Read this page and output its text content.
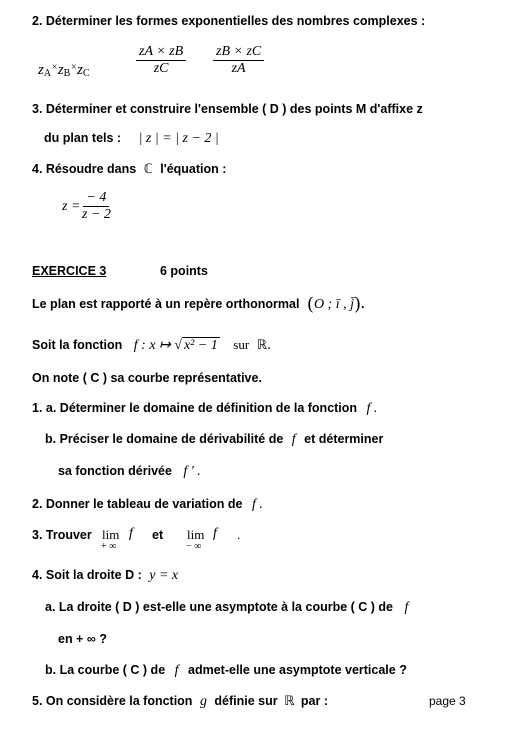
2. Déterminer les formes exponentielles des nombres complexes :
$z_A^\times z_B^\times z_C$	$\frac{zA \times zB}{zC} \frac{zB \times zC}{zA}$
3. Déterminer et construire l'ensemble ( D ) des points M d'affixe z
du plan tels : | z | = | z − 2 |
4. Résoudre dans ℂ l'équation :
$z = \frac{- 4}{z - 2}$
EXERCICE 3	6 points
Le plan est rapporté à un repère orthonormal (O ; ī , j̄).
Soit la fonction f : x ↦ √ x² − 1 sur ℝ.
On note ( C ) sa courbe représentative.
1. a. Déterminer le domaine de définition de la fonction f .
b. Préciser le domaine de dérivabilité de f et déterminer
sa fonction dérivée f ' .
2. Donner le tableau de variation de f .
3. Trouver lim f
+ ∞
et lim f
− ∞
.
4. Soit la droite D : y = x
a. La droite ( D ) est-elle une asymptote à la courbe ( C ) de f
en + ∞ ?
b. La courbe ( C ) de f admet-elle une asymptote verticale ?
5. On considère la fonction g définie sur ℝ par :	page 3
